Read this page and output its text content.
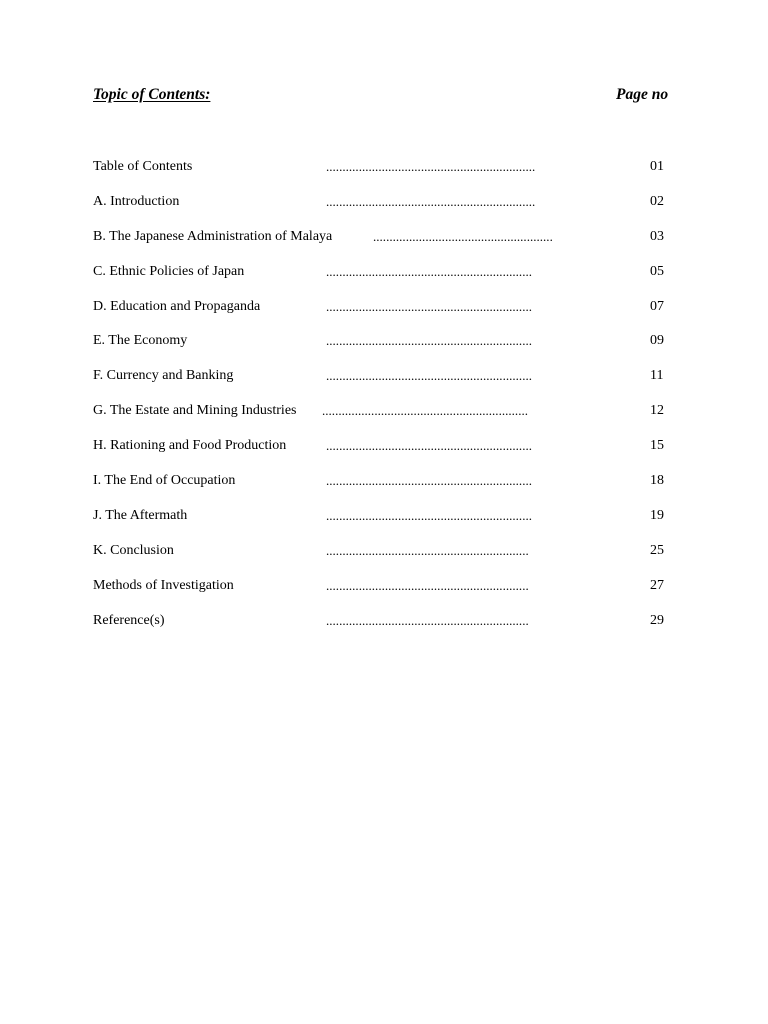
Topic of Contents:	Page no

Table of Contents	................................................................	01
A. Introduction	................................................................	02
B. The Japanese Administration of Malaya	.......................................................	03
C. Ethnic Policies of Japan	...............................................................	05
D. Education and Propaganda	...............................................................	07
E. The Economy	...............................................................	09
F. Currency and Banking	...............................................................	11
G. The Estate and Mining Industries ...............................................................	12
H. Rationing and Food Production	...............................................................	15
I. The End of Occupation	...............................................................	18
J. The Aftermath	...............................................................	19
K. Conclusion	..............................................................	25
Methods of Investigation	..............................................................	27
Reference(s)	..............................................................	29
